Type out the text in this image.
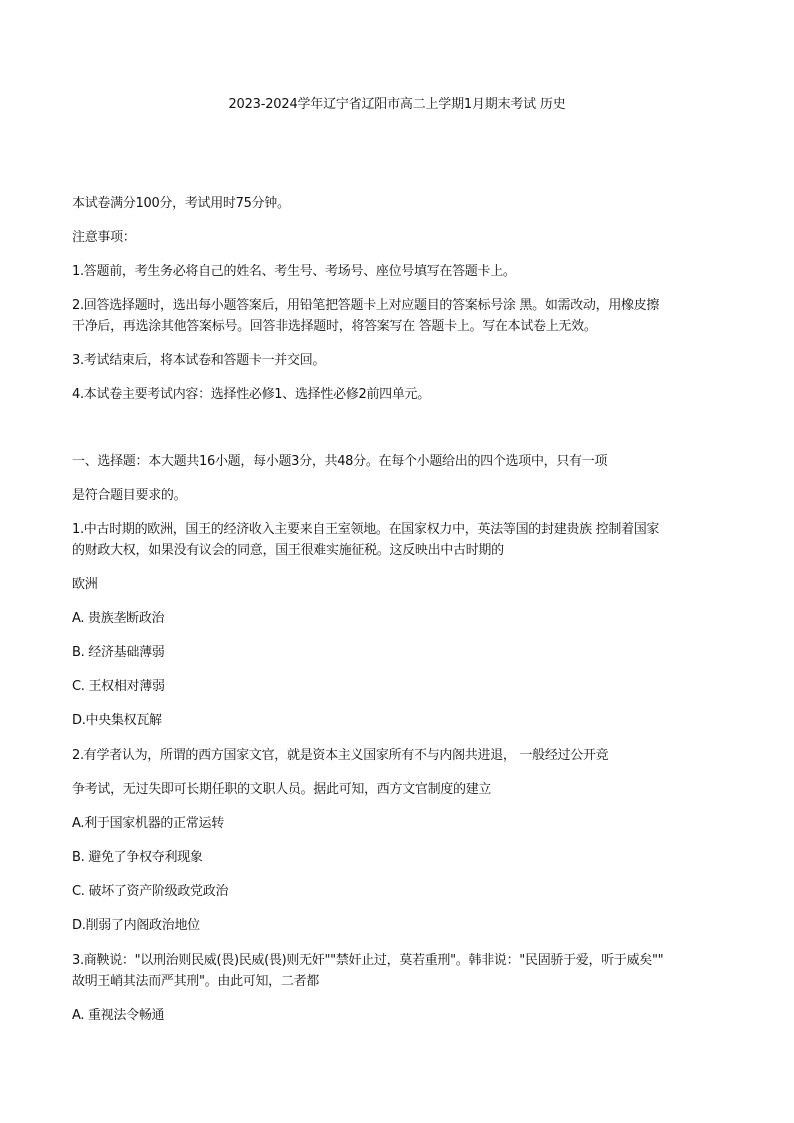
2023-2024学年辽宁省辽阳市高二上学期1月期末考试 历史
本试卷满分100分，考试用时75分钟。
注意事项：
1.答题前，考生务必将自己的姓名、考生号、考场号、座位号填写在答题卡上。
2.回答选择题时，选出每小题答案后，用铅笔把答题卡上对应题目的答案标号涂 黑。如需改动，用橡皮擦
干净后，再选涂其他答案标号。回答非选择题时，将答案写在 答题卡上。写在本试卷上无效。
3.考试结束后，将本试卷和答题卡一并交回。
4.本试卷主要考试内容：选择性必修1、选择性必修2前四单元。
一、选择题：本大题共16小题，每小题3分，共48分。在每个小题给出的四个选项中，只有一项
是符合题目要求的。
1.中古时期的欧洲，国王的经济收入主要来自王室领地。在国家权力中，英法等国的封建贵族 控制着国家
的财政大权，如果没有议会的同意，国王很难实施征税。这反映出中古时期的
欧洲
A. 贵族垄断政治
B. 经济基础薄弱
C. 王权相对薄弱
D.中央集权瓦解
2.有学者认为，所谓的西方国家文官，就是资本主义国家所有不与内阁共进退， 一般经过公开竞
争考试，无过失即可长期任职的文职人员。据此可知，西方文官制度的建立
A.利于国家机器的正常运转
B. 避免了争权夺利现象
C. 破坏了资产阶级政党政治
D.削弱了内阁政治地位
3.商鞅说："以刑治则民威(畏)民威(畏)则无奸""禁奸止过，莫若重刑"。韩非说："民固骄于爱，听于威矣""
故明王峭其法而严其刑"。由此可知，二者都
A. 重视法令畅通
